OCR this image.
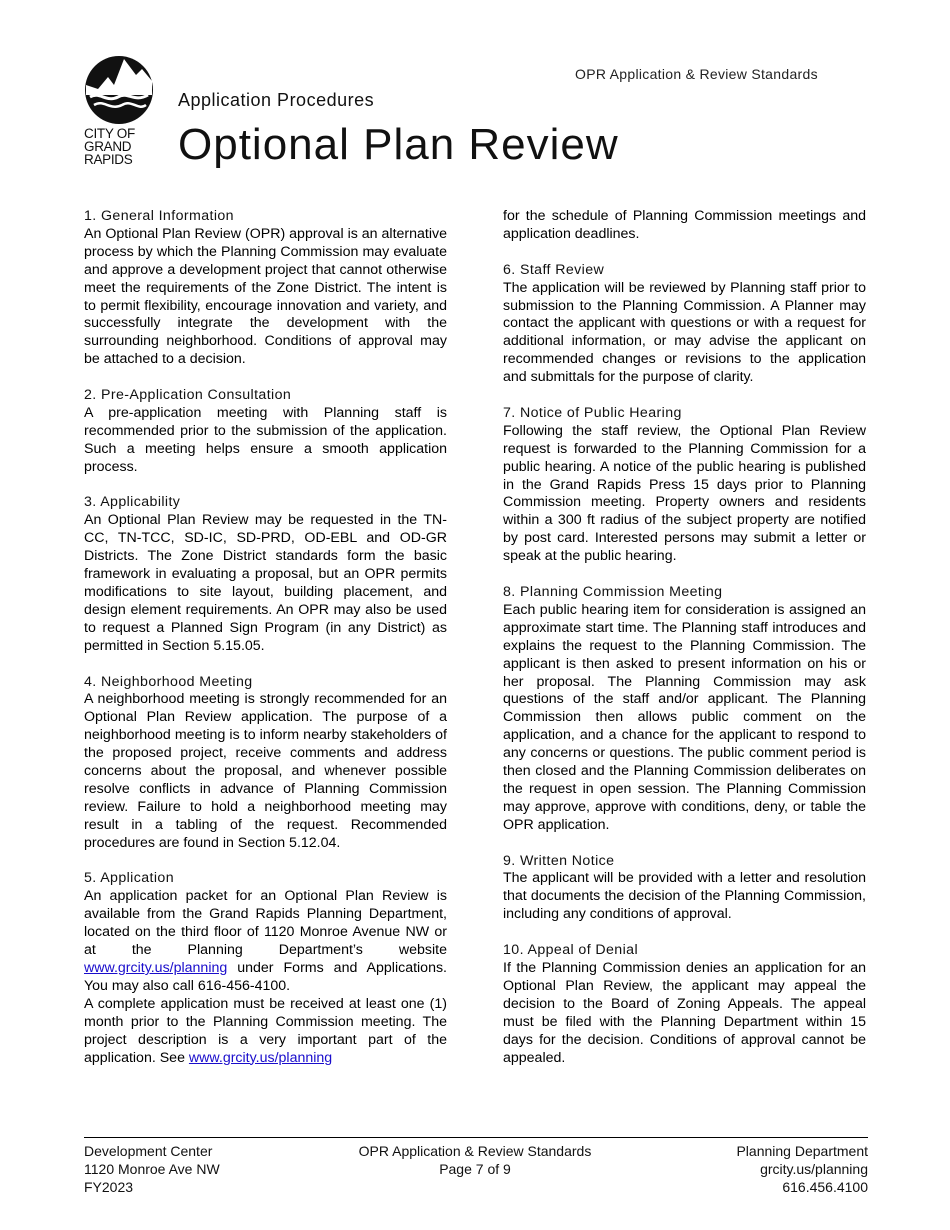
CITY OF
GRAND
RAPIDS
OPR Application & Review Standards
Application Procedures
Optional Plan Review
1. General Information

An Optional Plan Review (OPR) approval is an alternative process by which the Planning Commission may evaluate and approve a development project that cannot otherwise meet the requirements of the Zone District. The intent is to permit flexibility, encourage innovation and variety, and successfully integrate the development with the surrounding neighborhood. Conditions of approval may be attached to a decision.

2. Pre-Application Consultation

A pre-application meeting with Planning staff is recommended prior to the submission of the application. Such a meeting helps ensure a smooth application process.

3. Applicability

An Optional Plan Review may be requested in the TN-CC, TN-TCC, SD-IC, SD-PRD, OD-EBL and OD-GR Districts. The Zone District standards form the basic framework in evaluating a proposal, but an OPR permits modifications to site layout, building placement, and design element requirements. An OPR may also be used to request a Planned Sign Program (in any District) as permitted in Section 5.15.05.

4. Neighborhood Meeting

A neighborhood meeting is strongly recommended for an Optional Plan Review application. The purpose of a neighborhood meeting is to inform nearby stakeholders of the proposed project, receive comments and address concerns about the proposal, and whenever possible resolve conflicts in advance of Planning Commission review. Failure to hold a neighborhood meeting may result in a tabling of the request. Recommended procedures are found in Section 5.12.04.

5. Application

An application packet for an Optional Plan Review is available from the Grand Rapids Planning Department, located on the third floor of 1120 Monroe Avenue NW or at the Planning Department’s website www.grcity.us/planning under Forms and Applications. You may also call 616-456-4100.

A complete application must be received at least one (1) month prior to the Planning Commission meeting. The project description is a very important part of the application. See www.grcity.us/planning

for the schedule of Planning Commission meetings and application deadlines.

6. Staff Review

The application will be reviewed by Planning staff prior to submission to the Planning Commission. A Planner may contact the applicant with questions or with a request for additional information, or may advise the applicant on recommended changes or revisions to the application and submittals for the purpose of clarity.

7. Notice of Public Hearing

Following the staff review, the Optional Plan Review request is forwarded to the Planning Commission for a public hearing. A notice of the public hearing is published in the Grand Rapids Press 15 days prior to Planning Commission meeting. Property owners and residents within a 300 ft radius of the subject property are notified by post card. Interested persons may submit a letter or speak at the public hearing.

8. Planning Commission Meeting

Each public hearing item for consideration is assigned an approximate start time. The Planning staff introduces and explains the request to the Planning Commission. The applicant is then asked to present information on his or her proposal. The Planning Commission may ask questions of the staff and/or applicant. The Planning Commission then allows public comment on the application, and a chance for the applicant to respond to any concerns or questions. The public comment period is then closed and the Planning Commission deliberates on the request in open session. The Planning Commission may approve, approve with conditions, deny, or table the OPR application.

9. Written Notice

The applicant will be provided with a letter and resolution that documents the decision of the Planning Commission, including any conditions of approval.

10. Appeal of Denial

If the Planning Commission denies an application for an Optional Plan Review, the applicant may appeal the decision to the Board of Zoning Appeals. The appeal must be filed with the Planning Department within 15 days for the decision. Conditions of approval cannot be appealed.

Development Center
1120 Monroe Ave NW
FY2023
OPR Application & Review Standards
Page 7 of 9
Planning Department
grcity.us/planning
616.456.4100
